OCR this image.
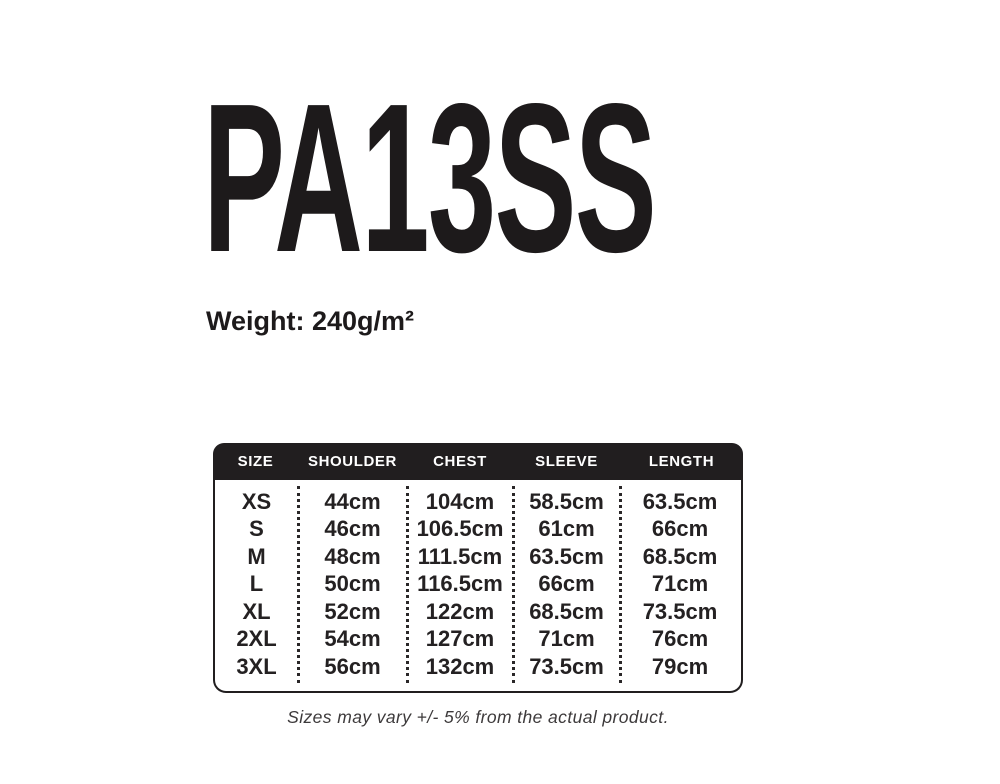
PA13SS
Weight: 240g/m²
SIZE	SHOULDER	CHEST	SLEEVE	LENGTH
XS	44cm	104cm	58.5cm	63.5cm
S	46cm	106.5cm	61cm	66cm
M	48cm	111.5cm	63.5cm	68.5cm
L	50cm	116.5cm	66cm	71cm
XL	52cm	122cm	68.5cm	73.5cm
2XL	54cm	127cm	71cm	76cm
3XL	56cm	132cm	73.5cm	79cm
Sizes may vary +/- 5% from the actual product.
